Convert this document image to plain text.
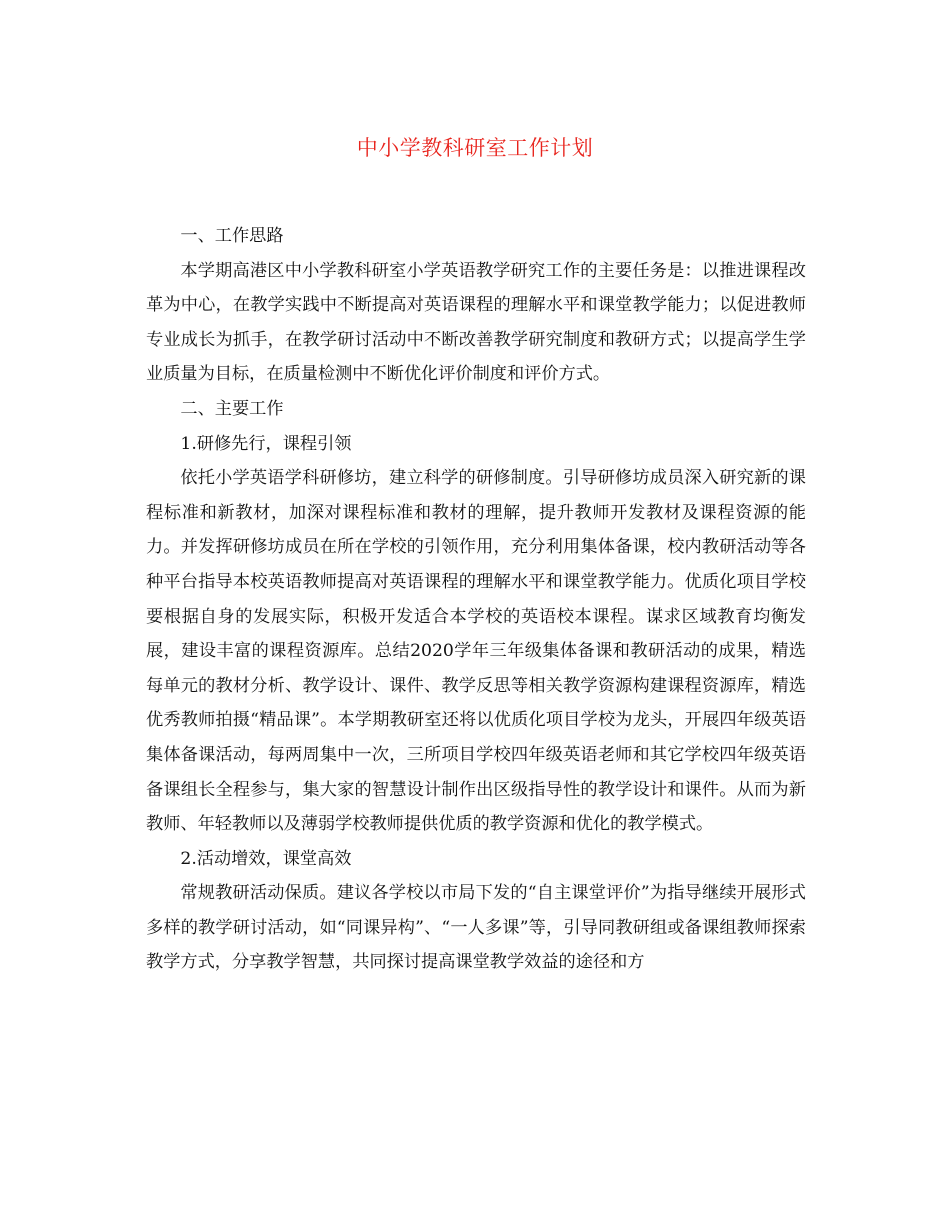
中小学教科研室工作计划

一、工作思路

本学期高港区中小学教科研室小学英语教学研究工作的主要任务是：以推进课程改革为中心，在教学实践中不断提高对英语课程的理解水平和课堂教学能力；以促进教师专业成长为抓手，在教学研讨活动中不断改善教学研究制度和教研方式；以提高学生学业质量为目标，在质量检测中不断优化评价制度和评价方式。

二、主要工作

1.研修先行，课程引领

依托小学英语学科研修坊，建立科学的研修制度。引导研修坊成员深入研究新的课程标准和新教材，加深对课程标准和教材的理解，提升教师开发教材及课程资源的能力。并发挥研修坊成员在所在学校的引领作用，充分利用集体备课，校内教研活动等各种平台指导本校英语教师提高对英语课程的理解水平和课堂教学能力。优质化项目学校要根据自身的发展实际，积极开发适合本学校的英语校本课程。谋求区域教育均衡发展，建设丰富的课程资源库。总结2020学年三年级集体备课和教研活动的成果，精选每单元的教材分析、教学设计、课件、教学反思等相关教学资源构建课程资源库，精选优秀教师拍摄“精品课”。本学期教研室还将以优质化项目学校为龙头，开展四年级英语集体备课活动，每两周集中一次，三所项目学校四年级英语老师和其它学校四年级英语备课组长全程参与，集大家的智慧设计制作出区级指导性的教学设计和课件。从而为新教师、年轻教师以及薄弱学校教师提供优质的教学资源和优化的教学模式。

2.活动增效，课堂高效

常规教研活动保质。建议各学校以市局下发的“自主课堂评价”为指导继续开展形式多样的教学研讨活动，如“同课异构”、“一人多课”等，引导同教研组或备课组教师探索教学方式，分享教学智慧，共同探讨提高课堂教学效益的途径和方
